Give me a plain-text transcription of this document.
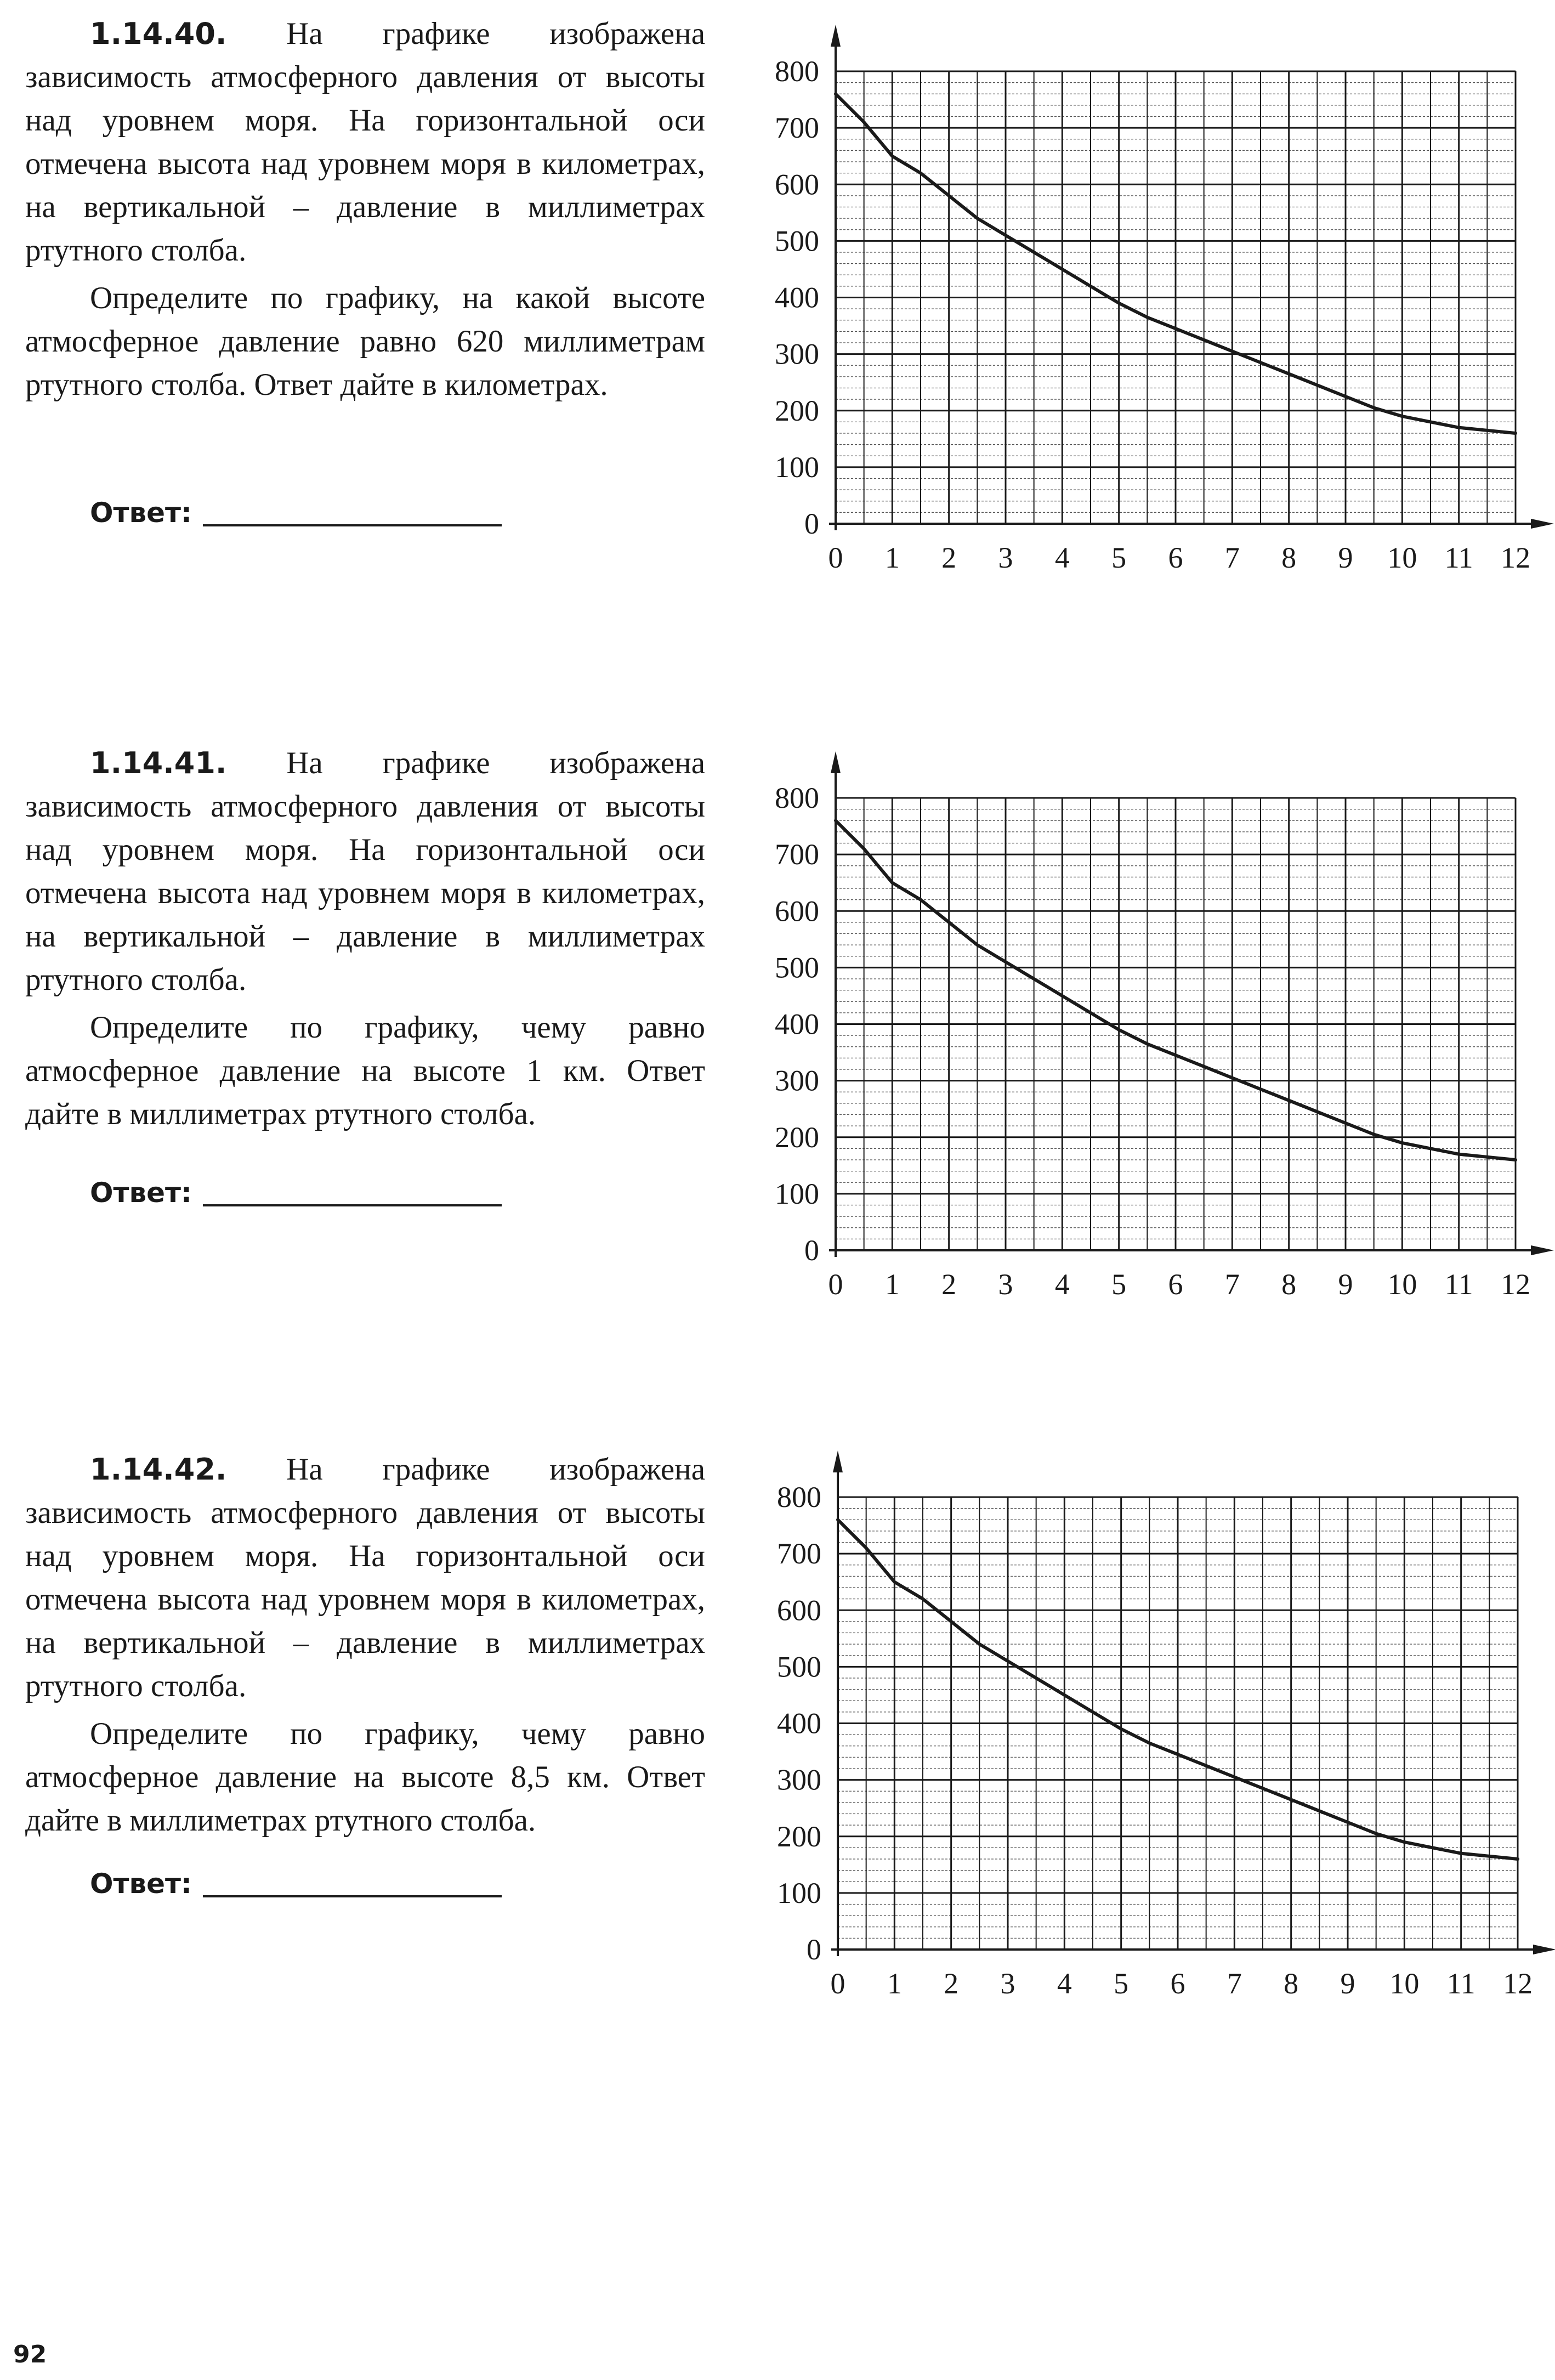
1.14.40. На графике изображена зависимость атмосферного давления от высоты над уровнем моря. На горизонтальной оси отмечена высота над уровнем моря в километрах, на вертикальной – давление в миллиметрах ртутного столба.

Определите по графику, на какой высоте атмосферное давление равно 620 миллиметрам ртутного столба. Ответ дайте в километрах.

Ответ:

1.14.41. На графике изображена зависимость атмосферного давления от высоты над уровнем моря. На горизонтальной оси отмечена высота над уровнем моря в километрах, на вертикальной – давление в миллиметрах ртутного столба.

Определите по графику, чему равно атмосферное давление на высоте 1 км. Ответ дайте в миллиметрах ртутного столба.

Ответ:

1.14.42. На графике изображена зависимость атмосферного давления от высоты над уровнем моря. На горизонтальной оси отмечена высота над уровнем моря в километрах, на вертикальной – давление в миллиметрах ртутного столба.

Определите по графику, чему равно атмосферное давление на высоте 8,5 км. Ответ дайте в миллиметрах ртутного столба.

Ответ:
0
100
200
300
400
500
600
700
800
0 1 2 3 4 5 6 7 8 9 10 11 12
0
100
200
300
400
500
600
700
800
0 1 2 3 4 5 6 7 8 9 10 11 12
0
100
200
300
400
500
600
700
800
0 1 2 3 4 5 6 7 8 9 10 11 12
92
